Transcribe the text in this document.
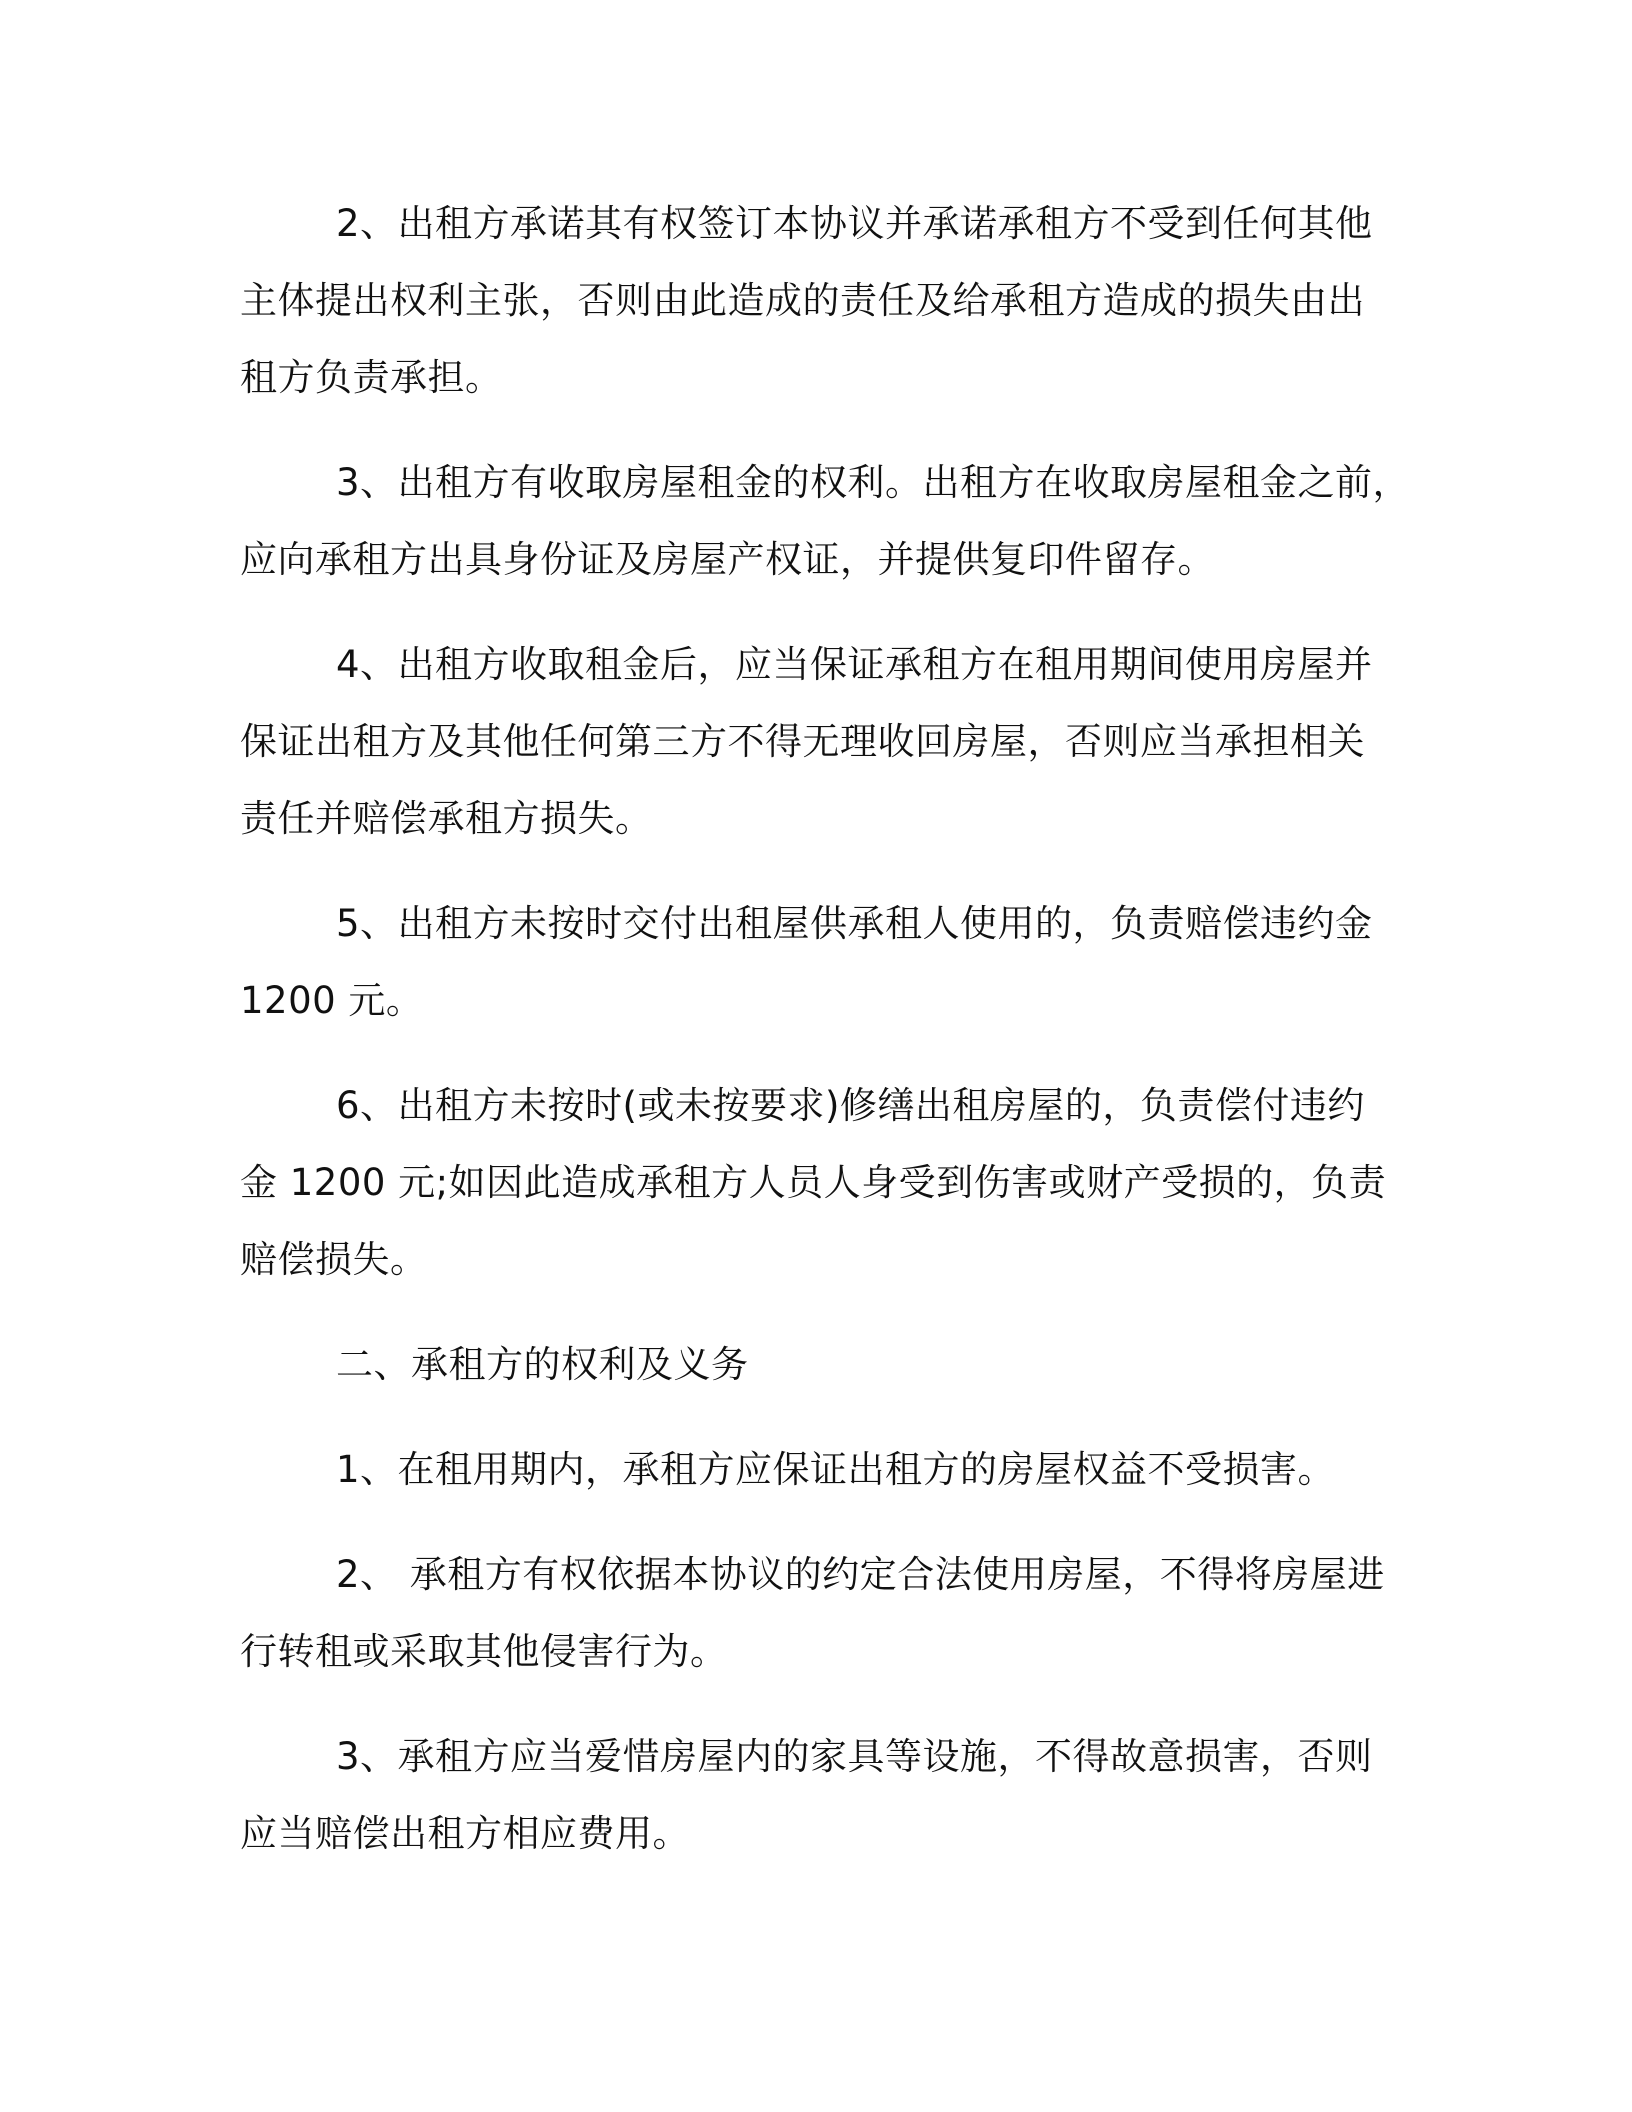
2、出租方承诺其有权签订本协议并承诺承租方不受到任何其他
主体提出权利主张，否则由此造成的责任及给承租方造成的损失由出
租方负责承担。
3、出租方有收取房屋租金的权利。出租方在收取房屋租金之前，
应向承租方出具身份证及房屋产权证，并提供复印件留存。
4、出租方收取租金后，应当保证承租方在租用期间使用房屋并
保证出租方及其他任何第三方不得无理收回房屋，否则应当承担相关
责任并赔偿承租方损失。
5、出租方未按时交付出租屋供承租人使用的，负责赔偿违约金
1200 元。
6、出租方未按时(或未按要求)修缮出租房屋的，负责偿付违约
金 1200 元;如因此造成承租方人员人身受到伤害或财产受损的，负责
赔偿损失。
二、承租方的权利及义务
1、在租用期内，承租方应保证出租方的房屋权益不受损害。
2、 承租方有权依据本协议的约定合法使用房屋，不得将房屋进
行转租或采取其他侵害行为。
3、承租方应当爱惜房屋内的家具等设施，不得故意损害，否则
应当赔偿出租方相应费用。
